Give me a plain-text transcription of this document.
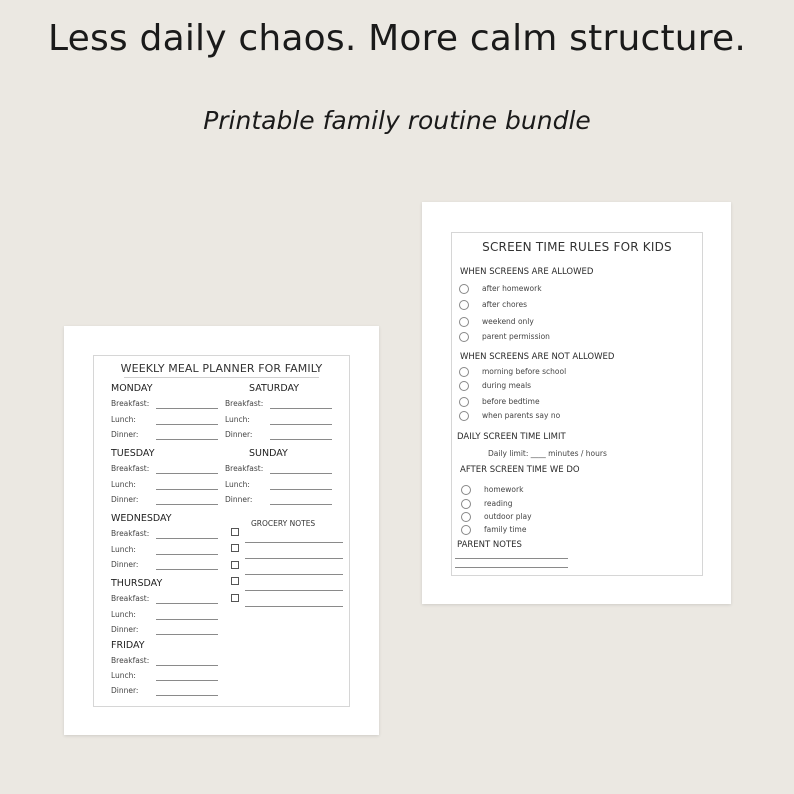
Less daily chaos. More calm structure.
Printable family routine bundle
WEEKLY MEAL PLANNER FOR FAMILY
MONDAY
Breakfast:
Lunch:
Dinner:
TUESDAY
Breakfast:
Lunch:
Dinner:
WEDNESDAY
Breakfast:
Lunch:
Dinner:
THURSDAY
Breakfast:
Lunch:
Dinner:
FRIDAY
Breakfast:
Lunch:
Dinner:
SATURDAY
Breakfast:
Lunch:
Dinner:
SUNDAY
Breakfast:
Lunch:
Dinner:
GROCERY NOTES
SCREEN TIME RULES FOR KIDS
WHEN SCREENS ARE ALLOWED
after homework
after chores
weekend only
parent permission
WHEN SCREENS ARE NOT ALLOWED
morning before school
during meals
before bedtime
when parents say no
DAILY SCREEN TIME LIMIT
Daily limit: ____ minutes / hours
AFTER SCREEN TIME WE DO
homework
reading
outdoor play
family time
PARENT NOTES
